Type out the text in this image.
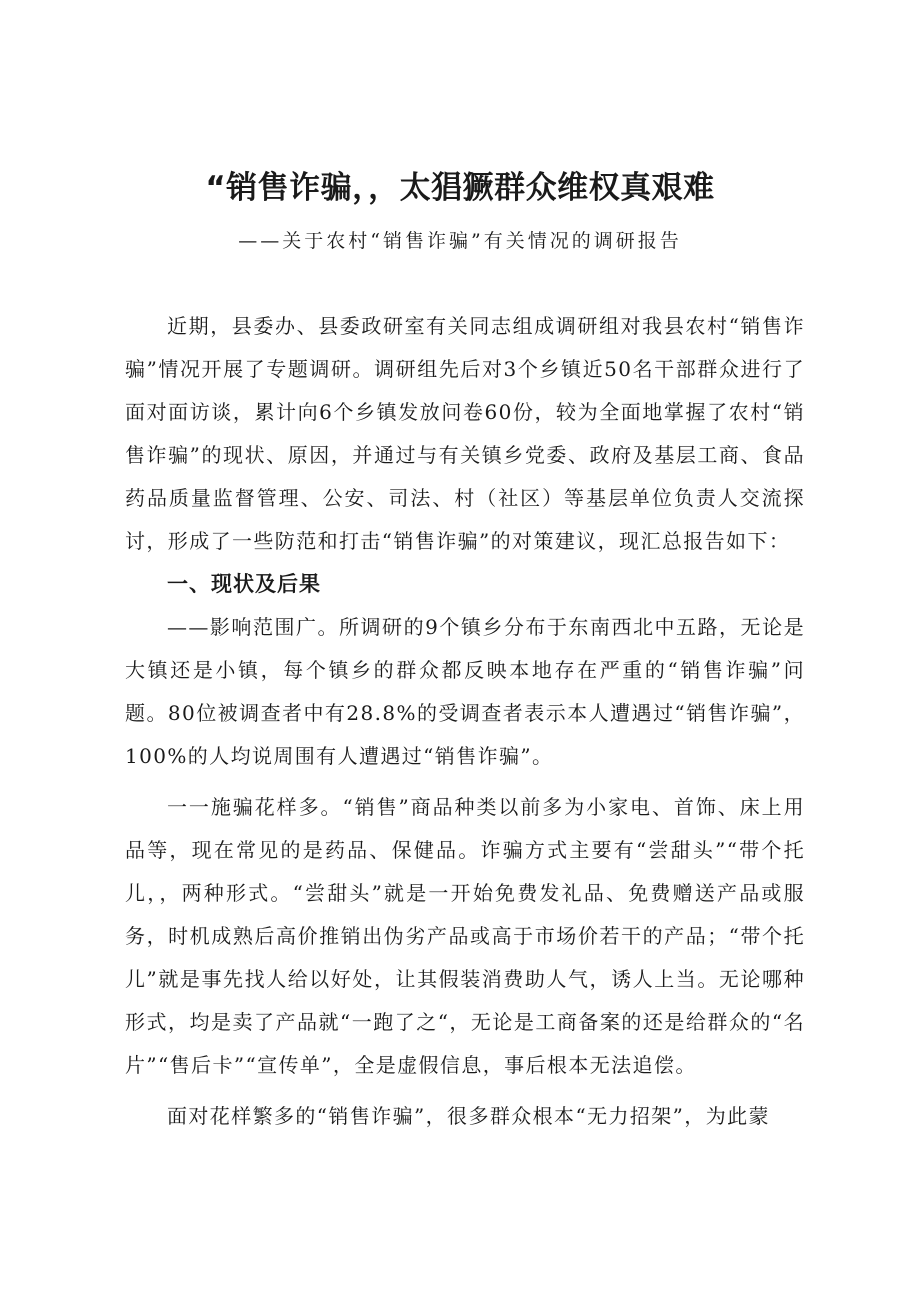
“销售诈骗，，太猖獗群众维权真艰难
——关于农村“销售诈骗”有关情况的调研报告

近期，县委办、县委政研室有关同志组成调研组对我县农村“销售诈骗”情况开展了专题调研。调研组先后对3个乡镇近50名干部群众进行了面对面访谈，累计向6个乡镇发放问卷60份，较为全面地掌握了农村“销售诈骗”的现状、原因，并通过与有关镇乡党委、政府及基层工商、食品药品质量监督管理、公安、司法、村（社区）等基层单位负责人交流探讨，形成了一些防范和打击“销售诈骗”的对策建议，现汇总报告如下：

一、现状及后果

——影响范围广。所调研的9个镇乡分布于东南西北中五路，无论是大镇还是小镇，每个镇乡的群众都反映本地存在严重的“销售诈骗”问题。80位被调查者中有28.8%的受调查者表示本人遭遇过“销售诈骗”，100%的人均说周围有人遭遇过“销售诈骗”。

一一施骗花样多。“销售”商品种类以前多为小家电、首饰、床上用品等，现在常见的是药品、保健品。诈骗方式主要有“尝甜头”“带个托儿，，两种形式。“尝甜头”就是一开始免费发礼品、免费赠送产品或服务，时机成熟后高价推销出伪劣产品或高于市场价若干的产品；“带个托儿”就是事先找人给以好处，让其假装消费助人气，诱人上当。无论哪种形式，均是卖了产品就“一跑了之“，无论是工商备案的还是给群众的“名片”“售后卡”“宣传单”，全是虚假信息，事后根本无法追偿。

面对花样繁多的“销售诈骗”，很多群众根本“无力招架”，为此蒙
